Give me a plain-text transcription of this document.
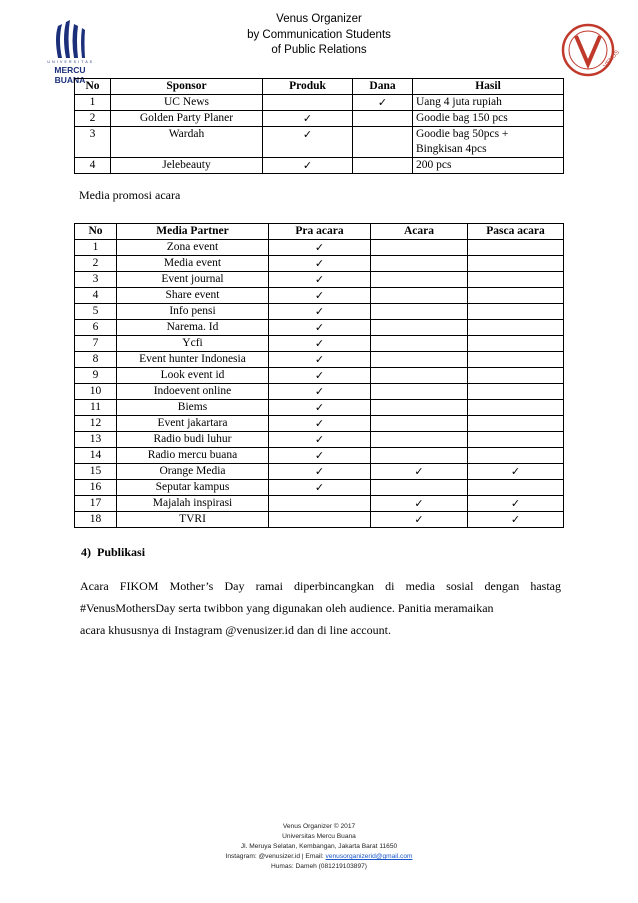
U N I V E R S I T A S
MERCU BUANA
Venus Organizer
by Communication Students
of Public Relations	VENUS
No	Sponsor	Produk	Dana	Hasil
1	UC News		✓	Uang 4 juta rupiah
2	Golden Party Planer	✓		Goodie bag 150 pcs
3	Wardah	✓		Goodie bag 50pcs +
Bingkisan 4pcs

4	Jelebeauty	✓		200 pcs
Media promosi acara
No	Media Partner	Pra acara	Acara	Pasca acara
1	Zona event	✓		
2	Media event	✓		
3	Event journal	✓		
4	Share event	✓		
5	Info pensi	✓		
6	Narema. Id	✓		
7	Ycfi	✓		
8	Event hunter Indonesia	✓		
9	Look event id	✓		
10	Indoevent online	✓		
11	Biems	✓		
12	Event jakartara	✓		
13	Radio budi luhur	✓		
14	Radio mercu buana	✓		
15	Orange Media	✓	✓	✓
16	Seputar kampus	✓		
17	Majalah inspirasi		✓	✓
18	TVRI		✓	✓
4) Publikasi
Acara FIKOM Mother’s Day ramai diperbincangkan di media sosial dengan hastag #VenusMothersDay serta twibbon yang digunakan oleh audience. Panitia meramaikan
acara khususnya di Instagram @venusizer.id dan di line account.
Venus Organizer © 2017
Universitas Mercu Buana
Jl. Meruya Selatan, Kembangan, Jakarta Barat 11650
Instagram: @venusizer.id | Email: venusorganizerid@gmail.com
Humas: Dameh (081219103897)
